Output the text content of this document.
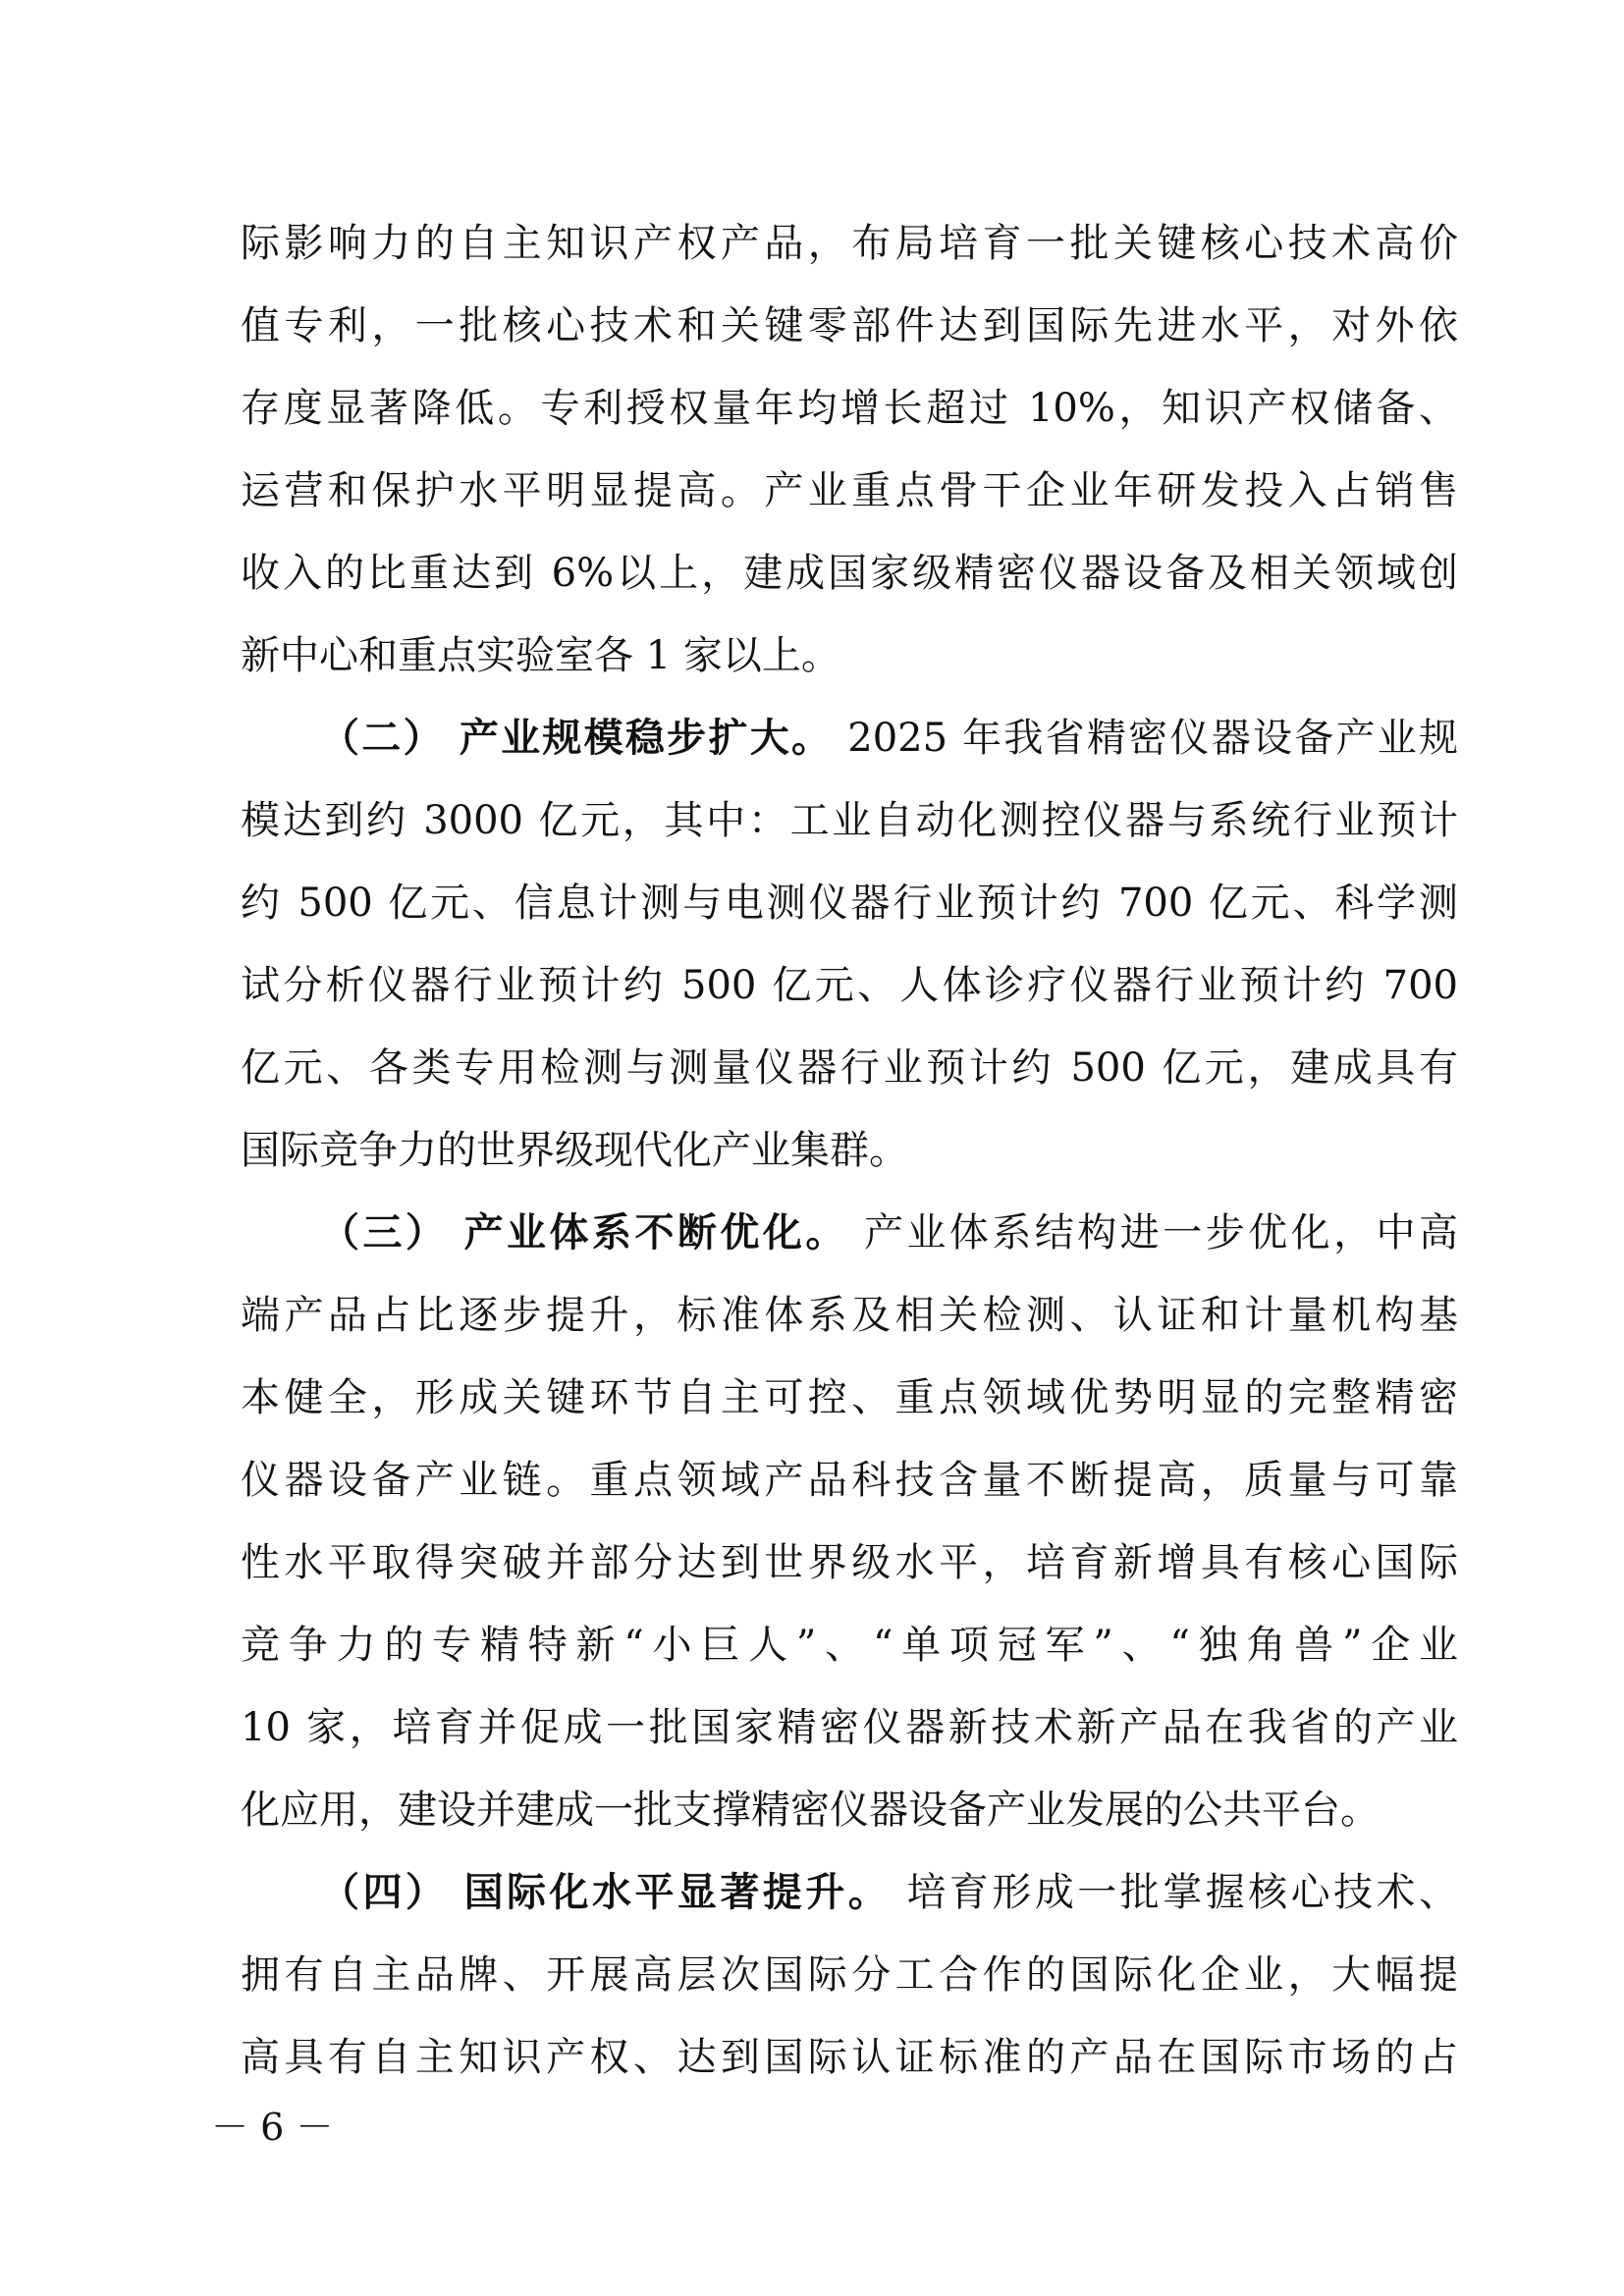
际影响力的自主知识产权产品，布局培育一批关键核心技术高价
值专利，一批核心技术和关键零部件达到国际先进水平，对外依
存度显著降低。专利授权量年均增长超过 10%，知识产权储备、
运营和保护水平明显提高。产业重点骨干企业年研发投入占销售
收入的比重达到 6%以上，建成国家级精密仪器设备及相关领域创
新中心和重点实验室各 1 家以上。
（二） 产业规模稳步扩大。 2025 年我省精密仪器设备产业规
模达到约 3000 亿元，其中：工业自动化测控仪器与系统行业预计
约 500 亿元、信息计测与电测仪器行业预计约 700 亿元、科学测
试分析仪器行业预计约 500 亿元、人体诊疗仪器行业预计约 700
亿元、各类专用检测与测量仪器行业预计约 500 亿元，建成具有
国际竞争力的世界级现代化产业集群。
（三） 产业体系不断优化。 产业体系结构进一步优化，中高
端产品占比逐步提升，标准体系及相关检测、认证和计量机构基
本健全，形成关键环节自主可控、重点领域优势明显的完整精密
仪器设备产业链。重点领域产品科技含量不断提高，质量与可靠
性水平取得突破并部分达到世界级水平，培育新增具有核心国际
竞争力的专精特新“小巨人”、“单项冠军”、“独角兽”企业
10 家，培育并促成一批国家精密仪器新技术新产品在我省的产业
化应用，建设并建成一批支撑精密仪器设备产业发展的公共平台。
（四） 国际化水平显著提升。 培育形成一批掌握核心技术、
拥有自主品牌、开展高层次国际分工合作的国际化企业，大幅提
高具有自主知识产权、达到国际认证标准的产品在国际市场的占
－ 6 －
